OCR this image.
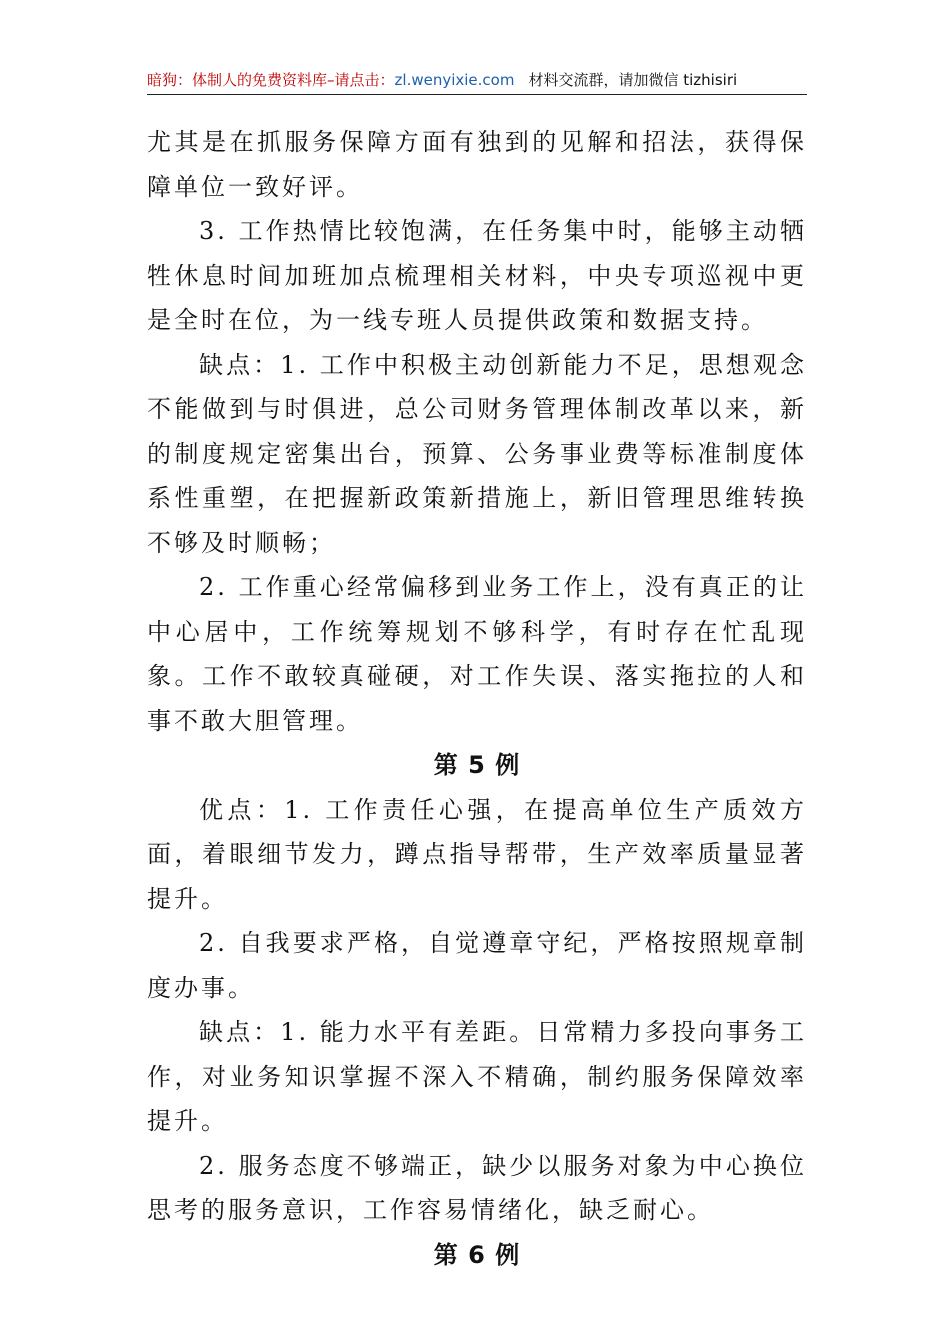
暗狗：体制人的免费资料库–请点击：zl.wenyixie.com 材料交流群，请加微信 tizhisiri

尤其是在抓服务保障方面有独到的见解和招法，获得保障单位一致好评。

3. 工作热情比较饱满，在任务集中时，能够主动牺牲休息时间加班加点梳理相关材料，中央专项巡视中更是全时在位，为一线专班人员提供政策和数据支持。

缺点：1. 工作中积极主动创新能力不足，思想观念不能做到与时俱进，总公司财务管理体制改革以来，新的制度规定密集出台，预算、公务事业费等标准制度体系性重塑，在把握新政策新措施上，新旧管理思维转换不够及时顺畅；

2. 工作重心经常偏移到业务工作上，没有真正的让中心居中，工作统筹规划不够科学，有时存在忙乱现象。工作不敢较真碰硬，对工作失误、落实拖拉的人和事不敢大胆管理。

第 5 例

优点：1. 工作责任心强，在提高单位生产质效方面，着眼细节发力，蹲点指导帮带，生产效率质量显著提升。

2. 自我要求严格，自觉遵章守纪，严格按照规章制度办事。

缺点：1. 能力水平有差距。日常精力多投向事务工作，对业务知识掌握不深入不精确，制约服务保障效率提升。

2. 服务态度不够端正，缺少以服务对象为中心换位思考的服务意识，工作容易情绪化，缺乏耐心。

第 6 例
